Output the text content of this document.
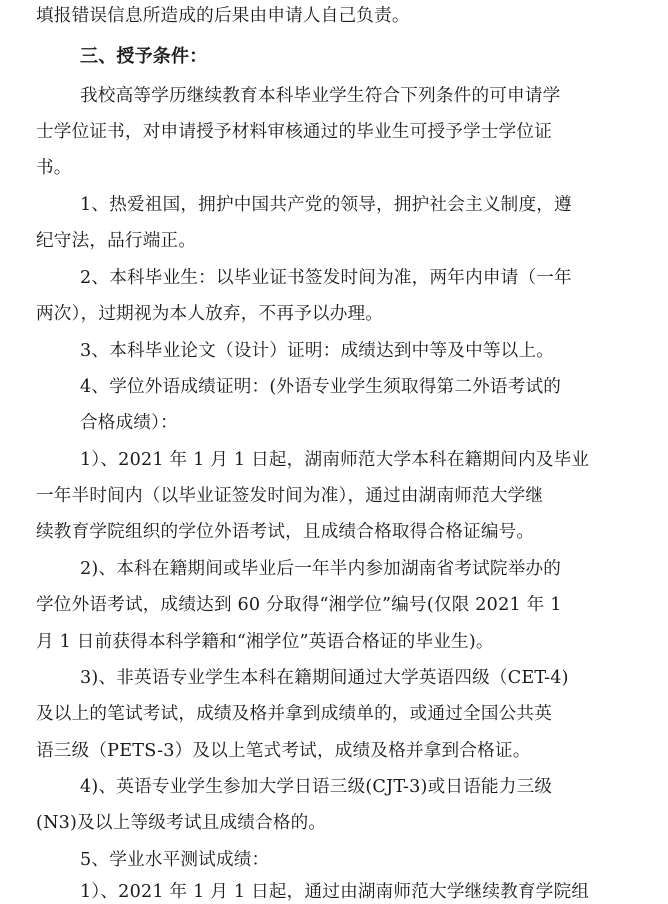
填报错误信息所造成的后果由申请人自己负责。
三、授予条件：
我校高等学历继续教育本科毕业学生符合下列条件的可申请学
士学位证书，对申请授予材料审核通过的毕业生可授予学士学位证
书。
1、热爱祖国，拥护中国共产党的领导，拥护社会主义制度，遵
纪守法，品行端正。
2、本科毕业生：以毕业证书签发时间为准，两年内申请（一年
两次），过期视为本人放弃，不再予以办理。
3、本科毕业论文（设计）证明：成绩达到中等及中等以上。
4、学位外语成绩证明：(外语专业学生须取得第二外语考试的
合格成绩）：
1）、2021 年 1 月 1 日起，湖南师范大学本科在籍期间内及毕业
一年半时间内（以毕业证签发时间为准），通过由湖南师范大学继
续教育学院组织的学位外语考试，且成绩合格取得合格证编号。
2)、本科在籍期间或毕业后一年半内参加湖南省考试院举办的
学位外语考试，成绩达到 60 分取得“湘学位”编号(仅限 2021 年 1
月 1 日前获得本科学籍和“湘学位”英语合格证的毕业生)。
3)、非英语专业学生本科在籍期间通过大学英语四级（CET-4)
及以上的笔试考试，成绩及格并拿到成绩单的，或通过全国公共英
语三级（PETS-3）及以上笔式考试，成绩及格并拿到合格证。
4)、英语专业学生参加大学日语三级(CJT-3)或日语能力三级
(N3)及以上等级考试且成绩合格的。
5、学业水平测试成绩：
1）、2021 年 1 月 1 日起，通过由湖南师范大学继续教育学院组
